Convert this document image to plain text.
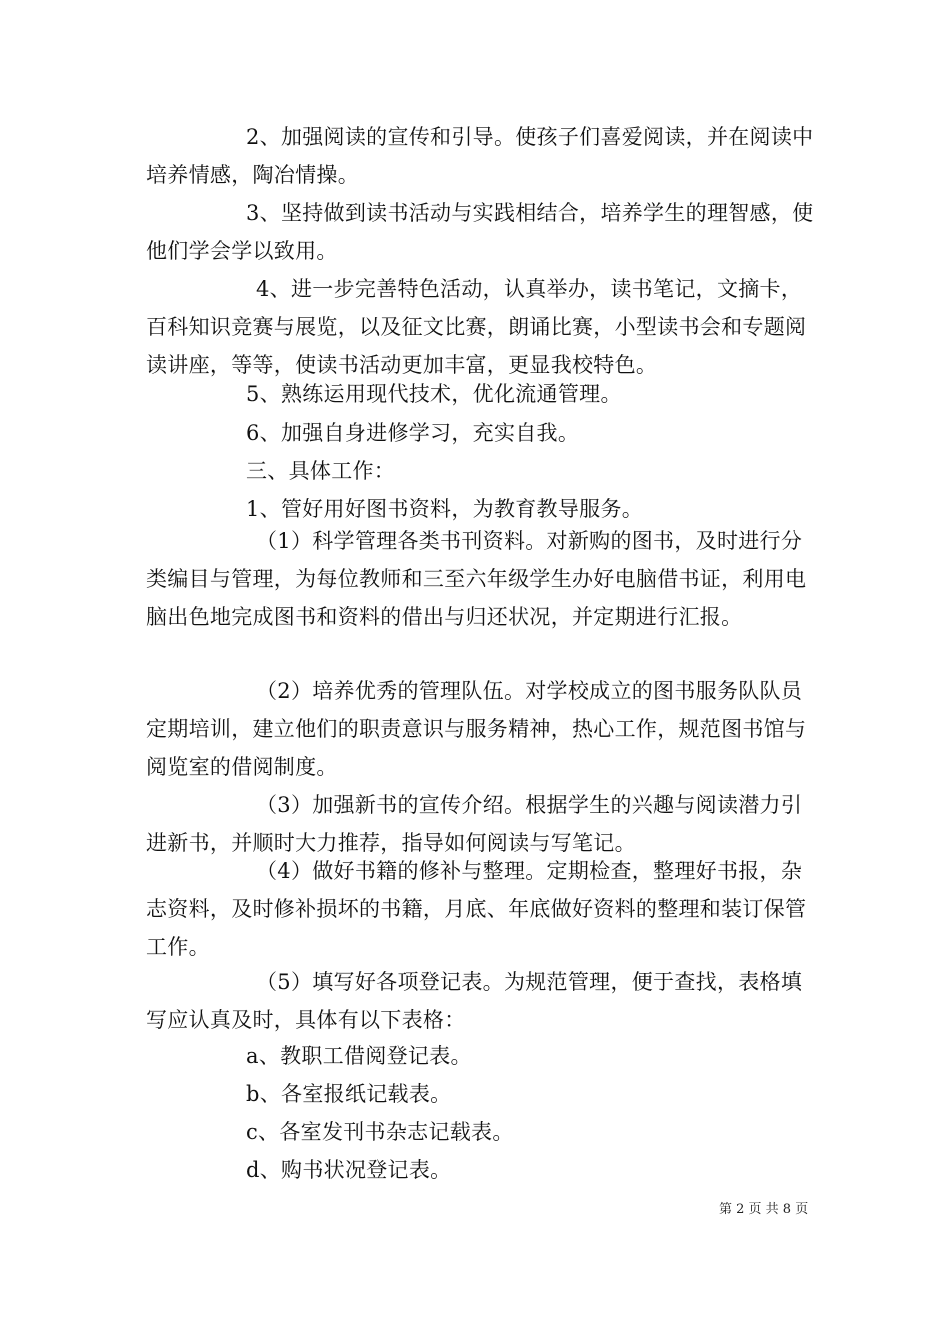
2、加强阅读的宣传和引导。使孩子们喜爱阅读，并在阅读中培养情感，陶冶情操。

3、坚持做到读书活动与实践相结合，培养学生的理智感，使他们学会学以致用。

4、进一步完善特色活动，认真举办，读书笔记，文摘卡，百科知识竞赛与展览，以及征文比赛，朗诵比赛，小型读书会和专题阅读讲座，等等，使读书活动更加丰富，更显我校特色。

5、熟练运用现代技术，优化流通管理。

6、加强自身进修学习，充实自我。

三、具体工作：

1、管好用好图书资料，为教育教导服务。

（1）科学管理各类书刊资料。对新购的图书，及时进行分类编目与管理，为每位教师和三至六年级学生办好电脑借书证，利用电脑出色地完成图书和资料的借出与归还状况，并定期进行汇报。

（2）培养优秀的管理队伍。对学校成立的图书服务队队员定期培训，建立他们的职责意识与服务精神，热心工作，规范图书馆与阅览室的借阅制度。

（3）加强新书的宣传介绍。根据学生的兴趣与阅读潜力引进新书，并顺时大力推荐，指导如何阅读与写笔记。

（4）做好书籍的修补与整理。定期检查，整理好书报，杂志资料，及时修补损坏的书籍，月底、年底做好资料的整理和装订保管工作。

（5）填写好各项登记表。为规范管理，便于查找，表格填写应认真及时，具体有以下表格：

a、教职工借阅登记表。

b、各室报纸记载表。

c、各室发刊书杂志记载表。

d、购书状况登记表。

第 2 页 共 8 页
